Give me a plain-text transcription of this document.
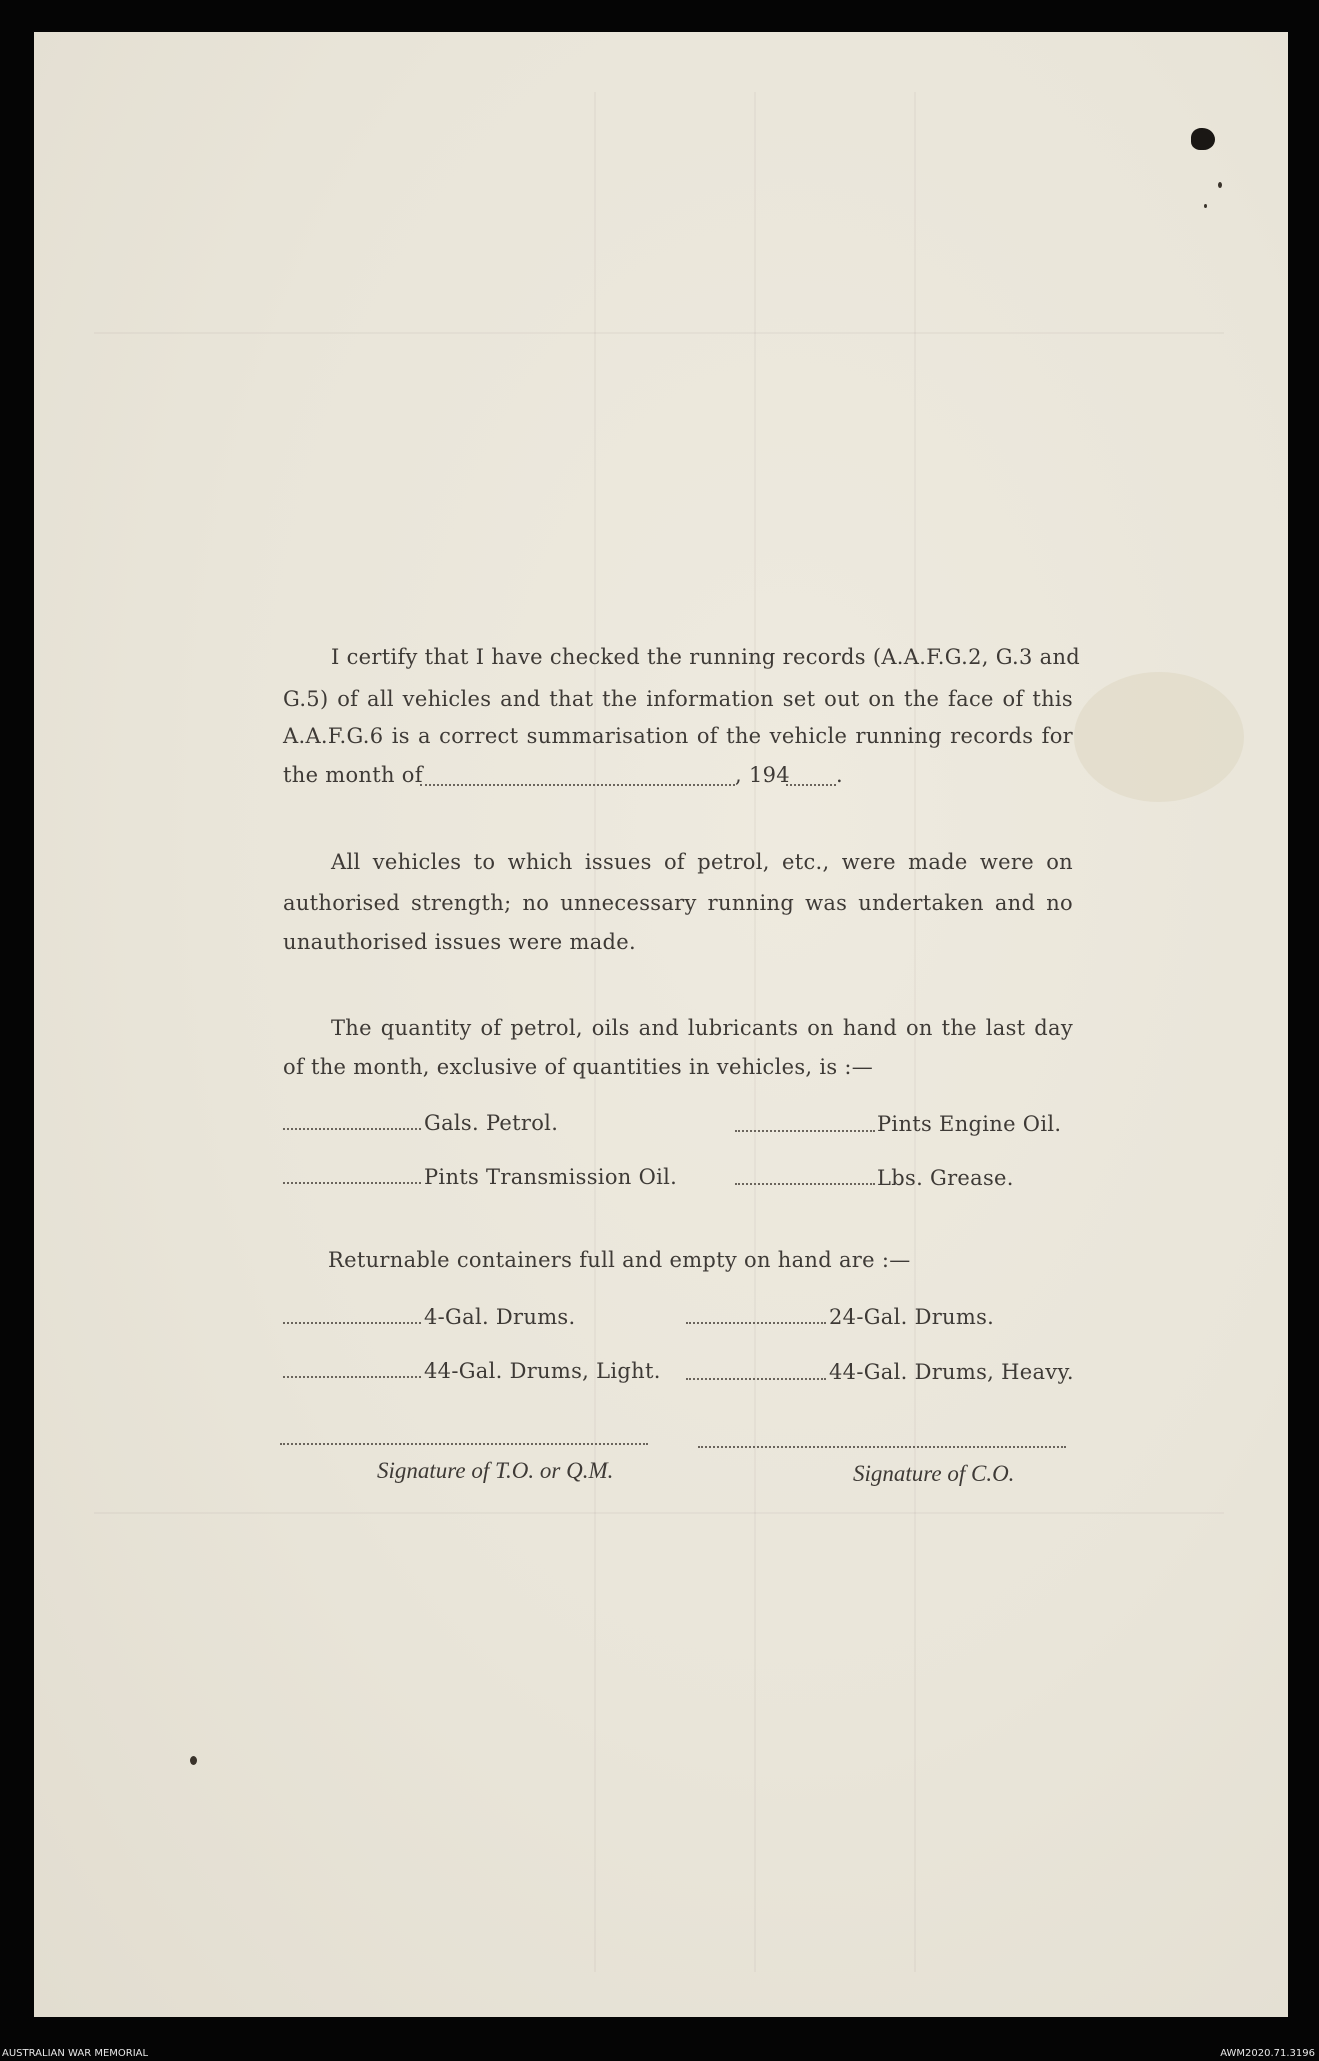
I certify that I have checked the running records (A.A.F.G.2, G.3 and
G.5) of all vehicles and that the information set out on the face of this
A.A.F.G.6 is a correct summarisation of the vehicle running records for
the month of	, 194 .
All vehicles to which issues of petrol, etc., were made were on
authorised strength; no unnecessary running was undertaken and no
unauthorised issues were made.
The quantity of petrol, oils and lubricants on hand on the last day
of the month, exclusive of quantities in vehicles, is :—
Gals. Petrol.	Pints Engine Oil.
Pints Transmission Oil.	Lbs. Grease.
Returnable containers full and empty on hand are :—
4-Gal. Drums.	24-Gal. Drums.
44-Gal. Drums, Light.	44-Gal. Drums, Heavy.
Signature of T.O. or Q.M.	Signature of C.O.
AUSTRALIAN WAR MEMORIAL	AWM2020.71.3196
